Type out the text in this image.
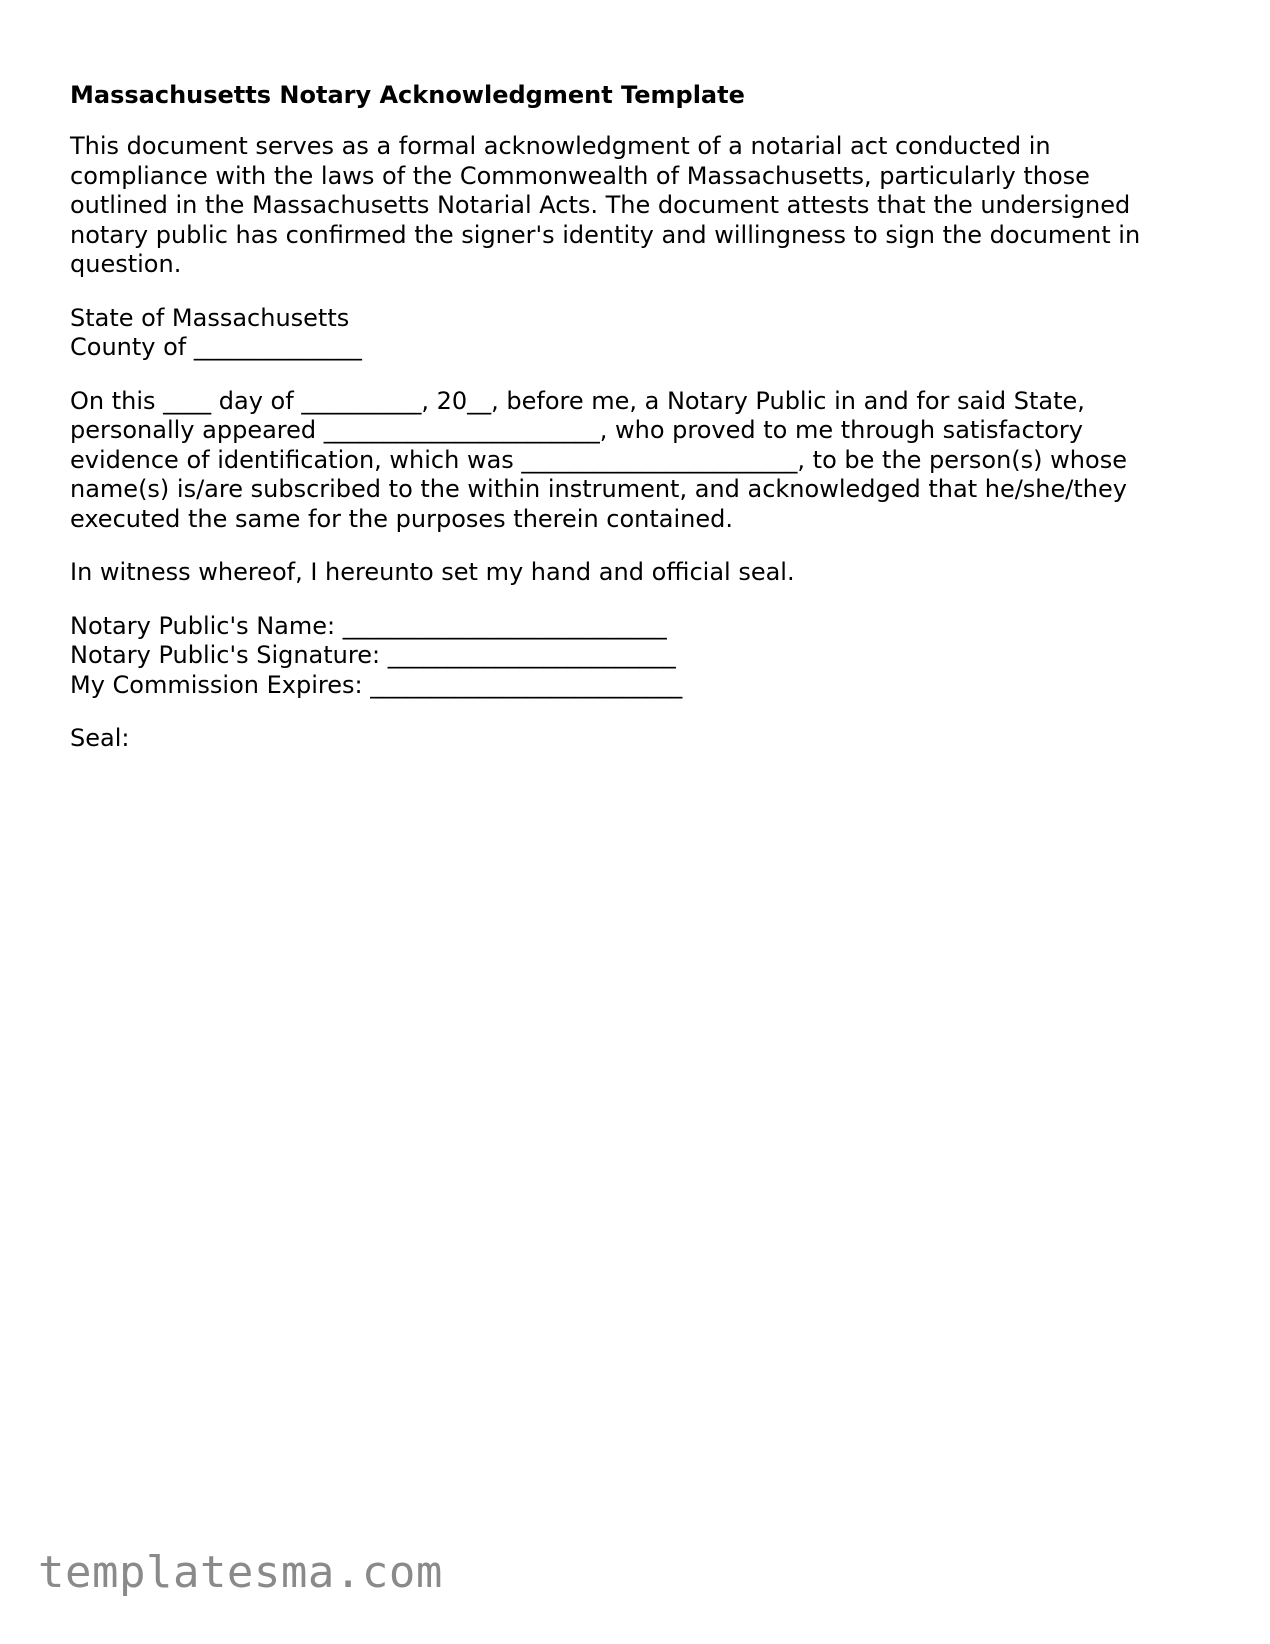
Massachusetts Notary Acknowledgment Template
This document serves as a formal acknowledgment of a notarial act conducted in
compliance with the laws of the Commonwealth of Massachusetts, particularly those
outlined in the Massachusetts Notarial Acts. The document attests that the undersigned
notary public has confirmed the signer's identity and willingness to sign the document in
question.
State of Massachusetts
County of ______________
On this ____ day of __________, 20__, before me, a Notary Public in and for said State,
personally appeared _______________________, who proved to me through satisfactory
evidence of identification, which was _______________________, to be the person(s) whose
name(s) is/are subscribed to the within instrument, and acknowledged that he/she/they
executed the same for the purposes therein contained.
In witness whereof, I hereunto set my hand and official seal.
Notary Public's Name: ___________________________
Notary Public's Signature: ________________________
My Commission Expires: __________________________
Seal:
templatesma.com
